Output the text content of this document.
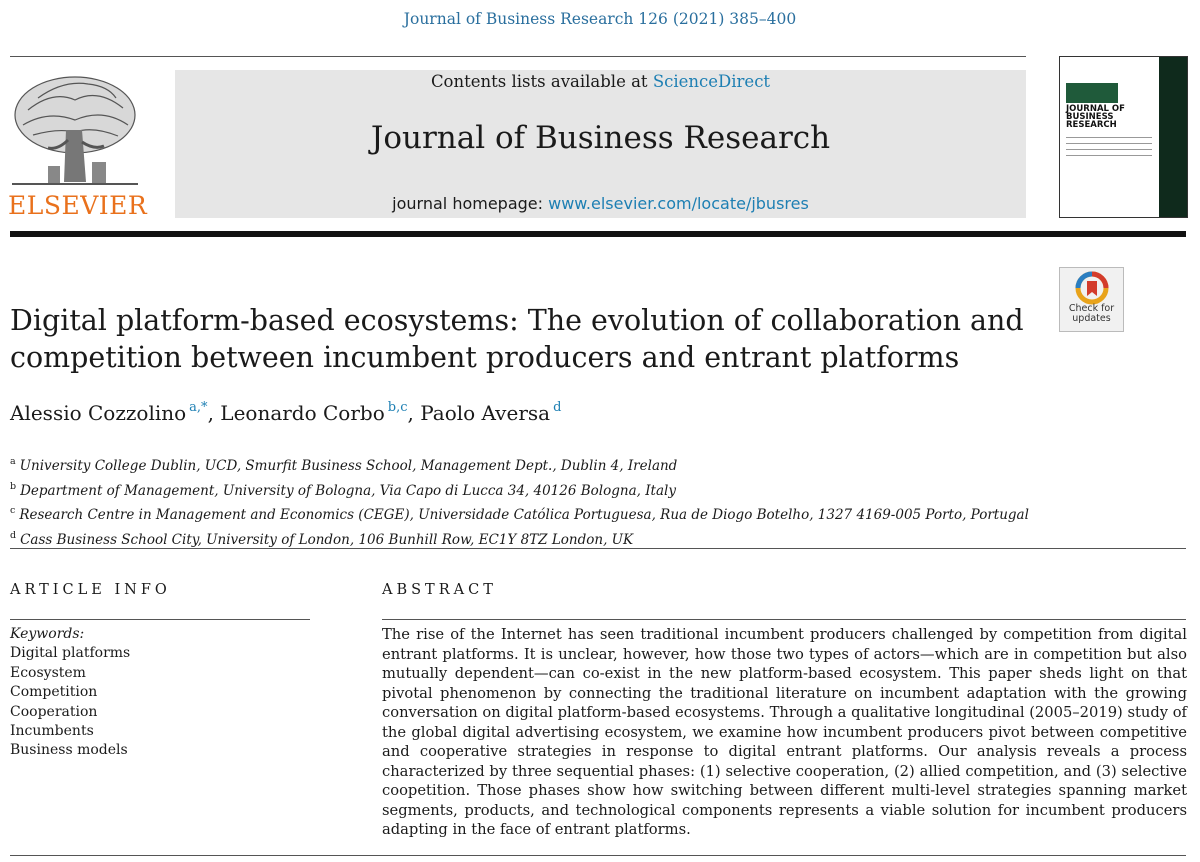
Journal of Business Research 126 (2021) 385–400
ELSEVIER
Contents lists available at ScienceDirect
Journal of Business Research
journal homepage: www.elsevier.com/locate/jbusres
JOURNAL OF BUSINESS RESEARCH
Check for updates
Digital platform-based ecosystems: The evolution of collaboration and competition between incumbent producers and entrant platforms
Alessio Cozzolino $^{a,*}$, Leonardo Corbo $^{b,c}$, Paolo Aversa $^d$
$^a$ University College Dublin, UCD, Smurfit Business School, Management Dept., Dublin 4, Ireland
$^b$ Department of Management, University of Bologna, Via Capo di Lucca 34, 40126 Bologna, Italy
$^c$ Research Centre in Management and Economics (CEGE), Universidade Católica Portuguesa, Rua de Diogo Botelho, 1327 4169-005 Porto, Portugal
$^d$ Cass Business School City, University of London, 106 Bunhill Row, EC1Y 8TZ London, UK
ARTICLE INFO	ABSTRACT
Keywords:
Digital platforms
Ecosystem
Competition
Cooperation
Incumbents
Business models
The rise of the Internet has seen traditional incumbent producers challenged by competition from digital entrant platforms. It is unclear, however, how those two types of actors—which are in competition but also mutually dependent—can co-exist in the new platform-based ecosystem. This paper sheds light on that pivotal phenomenon by connecting the traditional literature on incumbent adaptation with the growing conversation on digital platform-based ecosystems. Through a qualitative longitudinal (2005–2019) study of the global digital advertising ecosystem, we examine how incumbent producers pivot between competitive and cooperative strategies in response to digital entrant platforms. Our analysis reveals a process characterized by three sequential phases: (1) selective cooperation, (2) allied competition, and (3) selective coopetition. Those phases show how switching between different multi-level strategies spanning market segments, products, and technological components represents a viable solution for incumbent producers adapting in the face of entrant platforms.
